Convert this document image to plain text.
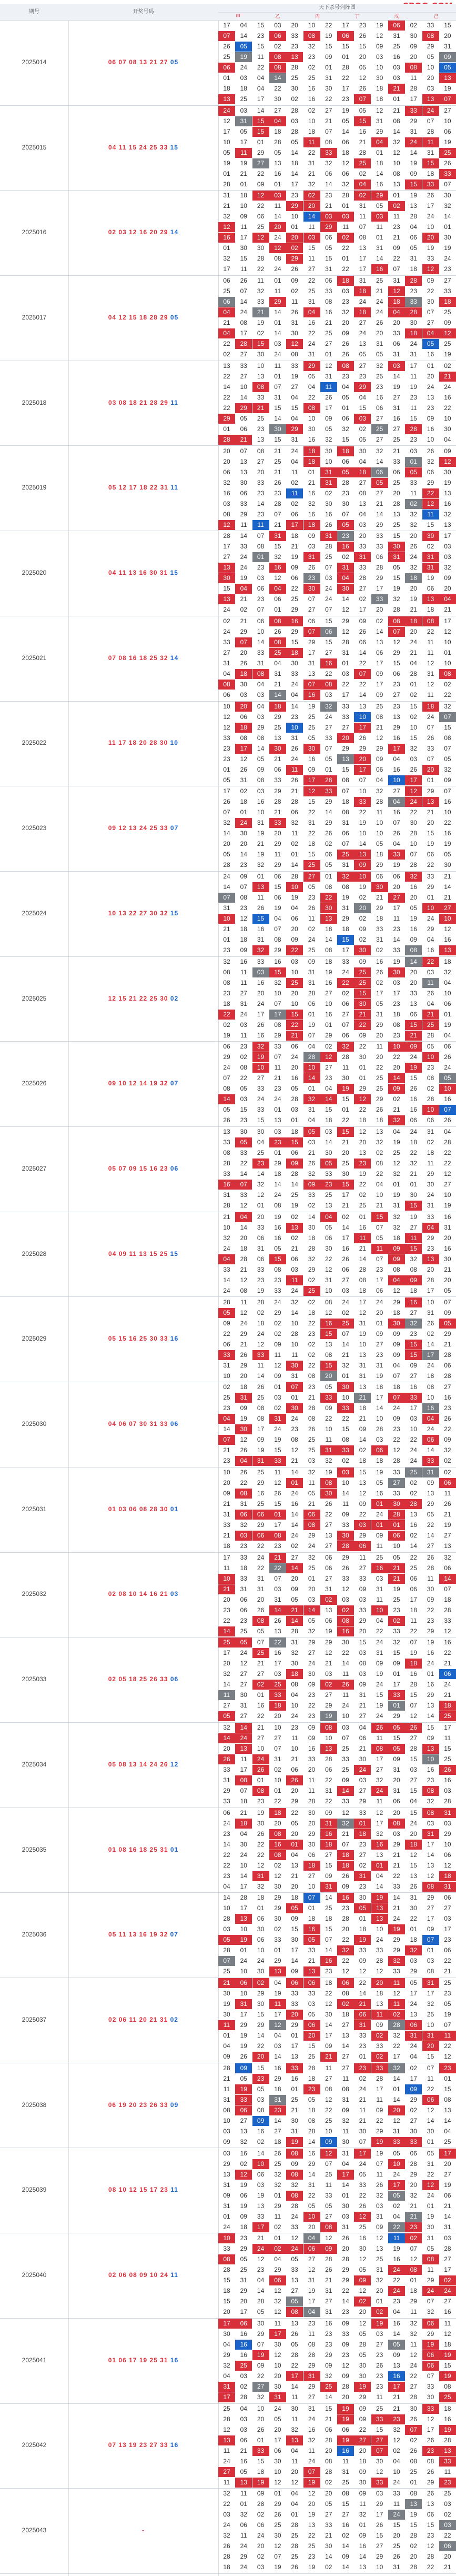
期号	开奖号码
天下杀号列阵图
甲	乙	丙	丁	戊	己
2025014	06 07 08 13 21 27 05
17	04	15	03	20	10	22	17	23	19	06	02	33	15
07	14	23	06	33	08	19	06	26	12	31	30	08	20
26	05	15	02	23	32	15	15	15	09	25	09	29	31
25	19	11	08	13	23	09	01	20	03	16	20	05	09
06	24	22	08	28	02	01	28	05	10	03	08	10	05
01	03	04	14	25	25	31	22	12	30	03	11	20	13
18	18	04	22	30	16	30	17	26	18	21	28	03	19
13	25	17	30	02	16	22	23	07	18	01	17	13	07
2025015	04 11 15 24 25 33 15
24	03	14	27	28	02	27	19	05	12	21	33	24	27
12	31	15	04	03	10	21	05	15	31	08	29	07	10
17	05	15	18	28	18	07	14	16	29	14	31	28	06
10	17	01	28	05	11	08	06	21	04	32	24	11	19
05	11	29	05	14	22	33	18	28	01	12	14	31	25
19	19	27	13	18	31	32	12	25	18	10	19	15	26
01	21	22	16	14	21	06	06	02	14	08	09	18	33
28	01	09	01	17	32	14	32	04	16	13	15	33	07
2025016	02 03 12 16 20 29 14
31	18	12	03	23	02	23	28	02	29	01	19	26	30
21	10	22	11	29	20	21	01	31	05	02	13	17	32
32	09	06	14	10	14	03	03	11	03	11	28	24	14
12	11	25	20	01	11	29	11	07	11	23	04	10	01
16	17	12	24	20	03	06	02	08	01	21	06	20	30
01	30	30	12	02	15	05	22	13	31	09	05	19	19
32	15	28	08	29	11	15	01	17	14	22	31	33	24
17	11	22	24	26	27	31	22	17	16	07	18	12	23
2025017	04 12 15 18 28 29 05
06	26	11	01	09	22	06	18	31	25	31	28	09	27
25	07	32	11	02	25	33	03	18	21	12	23	22	33
06	14	33	29	11	31	08	23	24	24	18	33	30	18
04	24	21	14	26	04	16	32	18	24	04	28	07	25
21	08	19	01	31	16	21	20	27	26	20	30	27	09
04	17	02	14	30	22	25	09	24	20	33	18	04	12
22	28	15	03	12	24	27	26	13	31	06	24	05	25
02	27	30	24	08	31	01	26	05	05	31	31	16	19
2025018	03 08 18 21 28 29 11
13	33	10	11	33	29	12	08	27	32	03	17	01	02
22	27	13	01	19	05	31	23	23	25	14	11	20	21
14	10	08	07	27	04	11	04	29	23	19	19	24	24
22	14	33	31	04	22	26	05	04	16	27	23	13	16
22	29	21	15	15	08	17	01	15	06	31	11	23	22
29	05	25	14	04	10	09	06	03	27	16	15	09	10
01	06	23	30	29	30	05	32	02	25	27	28	16	30
28	21	13	15	31	16	32	15	05	27	25	23	10	04
2025019	05 12 17 18 22 31 11
20	07	08	21	24	18	30	18	30	32	21	03	26	09
20	13	27	25	04	18	10	06	04	14	33	01	32	12
06	13	20	21	11	01	31	05	18	06	06	05	06	30
32	30	33	26	02	21	31	28	27	05	25	33	29	19
16	06	23	23	11	16	02	23	08	27	20	11	22	13
03	33	14	28	02	32	30	30	13	21	28	02	12	16
08	29	23	07	06	16	16	07	04	14	13	32	11	32
12	11	11	21	17	18	26	05	03	29	25	32	15	13
2025020	04 11 13 16 30 31 15
28	14	07	31	18	09	31	23	20	33	15	20	30	17
17	33	08	15	21	03	28	16	33	33	30	26	02	03
27	24	01	32	19	31	25	02	31	06	31	24	31	03
13	24	23	16	09	26	07	31	33	28	05	32	31	32
30	19	03	12	06	23	03	04	28	29	15	18	19	09
15	04	06	04	22	30	24	30	27	17	19	20	06	20
13	21	23	06	25	07	24	14	02	33	32	19	13	04
24	02	07	01	29	27	07	12	17	20	28	21	18	21
2025021	07 08 16 18 25 32 14
02	21	06	08	16	06	15	29	09	02	08	18	08	17
24	29	10	26	29	07	06	12	26	14	07	20	22	12
33	07	14	08	15	29	15	28	06	13	12	24	11	10
27	20	33	25	18	17	27	31	14	06	29	21	11	01
31	26	31	04	30	31	16	01	22	17	15	04	12	10
04	18	08	31	33	13	22	03	07	09	06	28	31	08
08	30	04	21	24	07	08	22	22	17	23	01	12	02
06	03	03	14	04	16	03	17	14	09	27	02	11	22
2025022	11 17 18 20 28 30 10
10	20	04	18	14	19	32	33	13	25	23	15	18	32
12	06	03	29	23	25	24	33	10	08	13	02	24	07
12	18	29	25	10	25	27	27	17	21	29	10	07	15
33	08	08	13	31	05	33	20	26	12	16	15	26	08
23	17	14	30	26	30	07	29	29	29	17	32	33	07
23	12	05	21	24	16	05	13	20	09	04	03	07	05
01	26	09	06	11	09	01	15	17	06	16	26	20	32
05	31	08	33	26	17	28	08	07	04	10	17	01	09
2025023	09 12 13 24 25 33 07
17	02	03	29	21	12	33	07	10	32	27	12	29	07
26	18	16	28	28	15	29	18	33	28	04	24	13	16
07	01	10	21	06	22	14	08	22	11	16	22	21	10
32	24	31	33	32	31	29	31	19	10	07	30	20	22
14	30	19	20	11	22	26	06	10	10	26	28	15	16
20	20	21	29	02	18	02	07	14	05	04	10	19	19
05	14	19	11	01	15	06	25	13	18	33	07	06	05
28	23	32	29	14	25	05	31	09	29	19	28	22	30
2025024	10 13 22 27 30 32 15
24	09	01	06	28	27	01	32	10	06	06	32	33	21
14	07	13	15	10	05	08	08	19	30	20	16	29	14
07	08	11	06	19	23	22	19	02	21	27	20	01	21
31	23	26	19	04	26	30	31	20	29	17	05	10	27
10	12	15	04	06	11	13	29	02	18	11	19	24	10
21	18	16	07	20	02	18	18	09	33	23	16	29	12
01	18	31	08	09	24	14	15	02	31	14	09	04	16
23	09	32	29	22	25	08	17	30	02	33	08	16	13
2025025	12 15 21 22 25 30 02
32	16	33	16	03	09	18	33	09	16	19	14	22	18
08	11	03	15	10	31	19	24	25	26	30	20	03	32
08	11	16	32	25	31	16	22	25	02	03	20	11	04
23	27	20	10	20	28	27	02	15	17	17	33	26	10
18	31	24	07	10	06	10	06	30	05	23	13	04	06
22	24	17	17	15	01	16	27	21	31	18	06	21	01
02	03	26	08	22	19	01	07	22	29	08	15	25	19
19	11	16	29	21	07	29	06	09	20	23	21	28	04
2025026	09 10 12 14 19 32 07
06	23	32	33	06	04	02	32	22	11	10	09	05	06
29	02	19	07	24	28	12	28	30	20	22	24	10	26
24	08	10	11	20	10	27	11	01	22	20	19	23	24
07	22	27	21	16	14	23	30	01	25	14	15	08	05
08	05	33	23	05	01	04	19	29	25	09	26	02	10
14	03	24	24	28	32	14	15	12	29	02	16	28	16
05	15	33	01	03	31	15	01	22	26	21	16	10	07
26	23	15	13	01	04	18	22	18	18	32	06	06	26
2025027	05 07 09 15 16 23 06
13	30	30	03	18	05	03	15	12	13	04	24	31	04
33	05	04	23	15	03	14	21	20	32	19	18	02	28
08	33	25	01	06	21	30	20	13	02	25	22	18	22
28	22	23	29	09	26	05	25	23	08	12	32	11	22
33	14	14	18	28	32	33	30	19	22	32	21	29	12
16	07	32	14	14	09	23	15	22	04	01	01	30	27
31	33	12	24	25	33	25	17	02	10	19	30	24	10
28	12	01	08	19	02	13	21	25	21	31	15	31	19
2025028	04 09 11 13 15 25 15
21	04	20	19	02	14	04	02	01	15	32	19	33	16
10	14	33	16	13	30	05	14	16	07	32	27	04	31
32	20	06	16	02	18	06	17	11	05	18	11	29	20
24	18	31	05	21	28	30	16	21	11	09	15	23	16
04	28	06	15	06	32	22	26	14	07	09	32	13	30
33	21	33	08	03	29	12	06	28	23	08	08	20	21
14	12	23	23	11	02	31	27	08	17	04	09	28	20
24	08	19	33	24	25	10	03	18	06	12	18	17	05
2025029	05 15 16 25 30 33 16
28	11	28	24	32	02	08	24	17	24	29	16	10	07
05	12	02	29	14	18	12	02	12	20	18	27	31	09
09	24	18	02	10	22	16	25	31	01	30	32	26	05
22	29	24	02	28	23	15	07	19	09	09	23	02	29
06	21	12	09	10	02	13	14	10	27	09	15	14	21
33	26	33	11	11	02	08	21	13	23	09	15	17	28
31	29	11	12	30	22	15	32	31	31	04	09	24	06
10	20	14	09	31	08	20	01	31	19	07	27	18	28
2025030	04 06 07 30 31 33 06
02	18	26	01	07	23	05	30	13	18	18	16	08	27
25	31	25	03	01	21	33	10	21	17	07	33	10	16
23	09	08	02	30	28	09	33	18	14	24	17	16	23
04	19	08	31	24	08	22	22	21	10	09	03	04	26
14	30	17	24	23	26	10	15	09	28	23	10	24	22
07	12	09	19	08	25	11	08	14	03	22	22	06	09
21	26	19	15	12	25	31	33	02	06	12	24	14	32
23	04	31	33	21	03	32	02	18	18	28	24	33	02
2025031	01 03 06 08 28 30 01
10	26	25	11	14	32	19	03	15	19	33	25	31	02
20	22	29	12	01	11	08	10	13	05	27	02	09	06
09	08	16	26	24	05	30	14	12	16	33	02	13	11
21	31	25	15	16	21	26	11	09	01	30	28	29	26
31	06	06	01	14	06	22	09	22	24	28	13	05	21
33	32	29	17	14	08	27	33	03	01	01	16	22	19
21	03	06	08	24	29	13	30	29	09	06	02	14	27
18	23	22	23	02	24	27	28	06	11	10	14	27	13
2025032	02 08 10 14 16 21 03
17	33	24	21	27	32	06	29	11	25	05	22	26	32
11	18	22	22	14	25	06	26	27	16	21	25	28	06
10	33	31	07	20	01	27	33	33	03	21	06	11	14
21	31	31	03	09	20	31	12	09	31	19	06	30	07
20	06	20	31	05	03	02	03	03	11	25	17	09	18
23	06	26	14	21	14	13	02	33	10	23	18	22	28
22	23	08	26	14	05	06	08	29	04	02	11	23	33
14	25	05	13	28	32	19	16	20	22	33	22	29	12
2025033	02 05 18 25 26 33 06
25	05	07	22	31	29	29	30	15	24	32	07	19	16
17	24	25	16	32	27	12	22	03	31	15	19	16	22
20	12	21	17	30	24	21	14	08	09	09	18	24	21
32	27	27	03	18	30	03	11	03	19	01	16	01	06
14	27	02	25	08	09	02	26	09	24	17	28	16	24
11	30	01	33	04	23	27	11	31	15	33	15	29	21
27	31	16	18	10	22	29	24	21	19	01	07	13	18
05	27	22	20	24	23	19	10	27	24	29	12	14	25
2025034	05 08 13 14 24 26 12
32	14	21	10	23	09	08	03	04	26	05	26	15	17
14	24	27	27	11	09	10	07	06	11	15	27	09	11
20	13	10	07	10	16	13	25	21	08	05	28	13	15
26	11	24	31	21	33	28	33	30	17	09	15	10	25
33	17	26	02	06	20	06	25	24	27	31	03	16	26
31	08	01	10	26	11	22	09	03	32	20	27	23	16
29	07	08	01	20	11	31	14	27	24	31	15	08	03
33	18	23	22	29	28	22	33	29	11	06	04	32	28
2025035	01 08 16 18 25 31 01
06	21	19	18	22	30	09	12	33	12	20	15	08	31
24	18	30	20	05	20	31	32	01	17	08	24	03	03
23	04	26	08	20	29	16	21	18	32	03	20	31	29
14	30	22	16	01	30	18	07	23	16	29	18	17	10
22	24	22	08	04	06	27	18	27	13	21	12	14	06
22	10	12	02	13	18	15	18	02	01	21	15	13	12
23	14	31	12	21	27	09	26	31	04	22	13	12	18
04	17	32	30	20	10	31	09	23	14	33	26	08	31
2025036	05 11 13 16 19 32 07
14	28	18	29	18	07	14	16	30	19	14	31	29	06
10	17	01	29	05	01	25	23	05	13	21	30	27	27
28	13	06	30	09	18	18	28	01	13	24	22	17	03
03	10	30	02	15	16	15	20	18	10	19	01	09	17
05	19	06	33	30	05	07	22	19	24	29	18	07	23
28	01	10	01	17	33	14	32	33	33	29	32	01	06
07	24	24	29	14	21	16	22	09	28	32	03	03	22
25	10	30	13	09	13	23	12	12	12	33	29	08	21
2025037	02 06 11 20 21 31 02
21	06	02	04	06	06	18	06	22	20	11	05	31	25
30	10	29	19	33	33	22	08	14	18	12	17	17	23
19	31	30	11	33	03	12	02	21	13	11	24	32	05
30	17	15	17	20	05	30	18	06	11	02	13	25	19
11	29	29	12	29	06	14	27	31	09	28	06	10	07
01	19	14	04	01	20	17	13	33	02	32	31	31	11
04	19	22	03	17	15	09	14	23	33	22	24	20	22
09	26	20	14	13	25	21	27	01	02	17	04	15	12
2025038	06 19 20 23 26 33 09
28	09	15	16	33	28	11	27	23	33	32	02	07	23
21	05	23	29	16	18	27	11	02	28	14	17	11	01
11	19	05	18	01	23	08	08	24	17	01	09	22	15
31	33	03	31	25	05	12	31	21	11	14	29	06	08
08	06	08	23	21	18	22	09	11	09	20	02	12	13
10	27	09	14	30	08	25	32	21	22	12	27	14	14
03	13	16	27	31	28	10	11	30	29	31	30	30	04
09	32	02	18	19	14	09	30	07	19	33	33	01	25
2025039	08 10 12 15 17 23 11
03	16	14	26	08	16	12	31	17	19	05	06	05	17
29	02	10	25	09	29	07	04	24	07	10	28	31	20
13	12	06	32	08	14	25	17	05	11	24	29	22	27
31	19	03	32	32	31	11	14	33	26	17	20	12	19
09	06	19	01	08	22	33	01	22	32	05	32	24	06
31	19	13	29	28	05	05	30	26	03	02	21	01	21
01	09	33	11	24	10	27	03	12	31	04	21	19	14
24	18	17	02	33	20	08	31	25	09	22	23	30	31
2025040	02 06 08 09 10 24 11
10	23	21	01	12	04	12	26	16	12	11	02	31	03
33	29	24	02	24	06	09	20	30	13	19	07	05	28
08	05	12	04	05	27	28	28	12	25	16	12	08	27
28	25	23	29	33	12	26	29	05	31	24	08	11	17
15	31	04	06	13	31	21	29	09	32	22	01	29	02
18	29	14	12	27	19	31	22	12	20	24	18	24	24
15	20	28	32	05	17	27	14	02	01	23	29	07	27
20	17	05	12	08	04	31	23	20	02	04	11	32	16
2025041	01 06 17 19 25 31 16
17	06	30	11	13	23	16	09	12	19	16	32	06	11
30	16	29	17	26	11	23	33	05	03	14	32	29	12
04	16	07	30	05	08	23	09	28	27	05	11	19	18
29	16	19	12	28	28	29	23	05	23	09	12	06	19
32	25	09	10	22	29	09	12	30	26	13	24	06	15
04	03	22	20	17	31	32	09	30	23	16	22	07	19
31	02	27	30	14	29	25	28	19	23	17	27	33	08
17	28	32	31	11	27	14	20	29	11	21	28	30	25
2025042	07 13 19 23 27 33 16
25	04	10	24	30	31	15	19	09	25	21	30	33	18
28	03	20	05	11	24	21	19	09	33	23	26	12	16
12	03	26	20	32	16	06	06	22	15	32	07	17	19
13	06	01	17	13	32	28	19	27	27	12	02	26	28
11	21	33	06	04	11	20	16	20	07	02	26	23	13
24	16	15	30	11	24	08	11	18	30	04	08	08	33
27	05	18	10	20	07	28	31	09	12	10	25	26	11
11	13	19	12	12	19	02	25	30	33	24	01	29	23
2025043	-
32	11	09	01	04	12	20	08	09	03	33	08	26	25
22	01	28	29	04	20	05	15	11	29	11	13	13	03
03	32	02	26	01	19	27	27	32	17	24	19	06	02
24	06	06	25	28	13	33	16	01	26	15	15	15	03
32	11	24	30	25	22	21	02	09	15	20	28	23	22
26	24	20	12	28	25	30	14	16	27	25	02	12	06
28	29	02	07	25	23	14	09	14	29	26	20	28	20
18	24	03	19	26	19	02	14	13	10	31	28	22	21
